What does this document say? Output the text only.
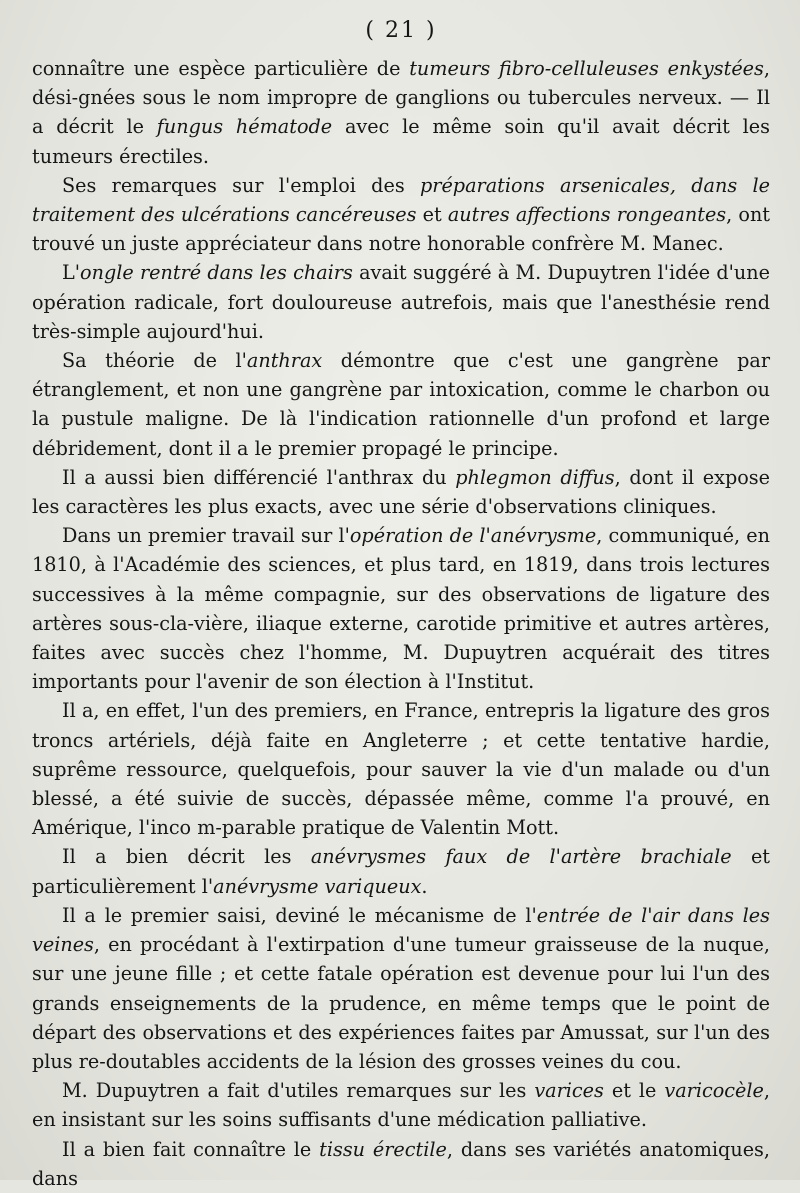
( 21 )

connaître une espèce particulière de tumeurs fibro-celluleuses enkystées, dési-gnées sous le nom impropre de ganglions ou tubercules nerveux. — Il a décrit le fungus hématode avec le même soin qu'il avait décrit les tumeurs érectiles.

Ses remarques sur l'emploi des préparations arsenicales, dans le traitement des ulcérations cancéreuses et autres affections rongeantes, ont trouvé un juste appréciateur dans notre honorable confrère M. Manec.

L'ongle rentré dans les chairs avait suggéré à M. Dupuytren l'idée d'une opération radicale, fort douloureuse autrefois, mais que l'anesthésie rend très-simple aujourd'hui.

Sa théorie de l'anthrax démontre que c'est une gangrène par étranglement, et non une gangrène par intoxication, comme le charbon ou la pustule maligne. De là l'indication rationnelle d'un profond et large débridement, dont il a le premier propagé le principe.

Il a aussi bien différencié l'anthrax du phlegmon diffus, dont il expose les caractères les plus exacts, avec une série d'observations cliniques.

Dans un premier travail sur l'opération de l'anévrysme, communiqué, en 1810, à l'Académie des sciences, et plus tard, en 1819, dans trois lectures successives à la même compagnie, sur des observations de ligature des artères sous-cla-vière, iliaque externe, carotide primitive et autres artères, faites avec succès chez l'homme, M. Dupuytren acquérait des titres importants pour l'avenir de son élection à l'Institut.

Il a, en effet, l'un des premiers, en France, entrepris la ligature des gros troncs artériels, déjà faite en Angleterre ; et cette tentative hardie, suprême ressource, quelquefois, pour sauver la vie d'un malade ou d'un blessé, a été suivie de succès, dépassée même, comme l'a prouvé, en Amérique, l'inco m-parable pratique de Valentin Mott.

Il a bien décrit les anévrysmes faux de l'artère brachiale et particulièrement l'anévrysme variqueux.

Il a le premier saisi, deviné le mécanisme de l'entrée de l'air dans les veines, en procédant à l'extirpation d'une tumeur graisseuse de la nuque, sur une jeune fille ; et cette fatale opération est devenue pour lui l'un des grands enseignements de la prudence, en même temps que le point de départ des observations et des expériences faites par Amussat, sur l'un des plus re-doutables accidents de la lésion des grosses veines du cou.

M. Dupuytren a fait d'utiles remarques sur les varices et le varicocèle, en insistant sur les soins suffisants d'une médication palliative.

Il a bien fait connaître le tissu érectile, dans ses variétés anatomiques, dans
